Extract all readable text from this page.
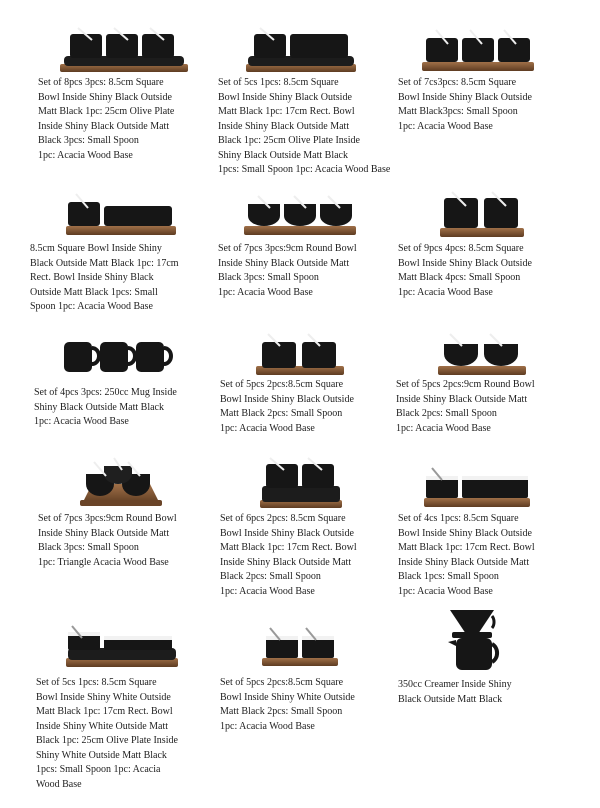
Set of 8pcs 3pcs: 8.5cm Square
Bowl Inside Shiny Black Outside
Matt Black 1pc: 25cm Olive Plate
Inside Shiny Black Outside Matt
Black 3pcs: Small Spoon
1pc: Acacia Wood Base
Set of 5cs 1pcs: 8.5cm Square
Bowl Inside Shiny Black Outside
Matt Black 1pc: 17cm Rect. Bowl
Inside Shiny Black Outside Matt
Black 1pc: 25cm Olive Plate Inside
Shiny Black Outside Matt Black
1pcs: Small Spoon 1pc: Acacia Wood Base
Set of 7cs3pcs: 8.5cm Square
Bowl Inside Shiny Black Outside
Matt Black3pcs: Small Spoon
1pc: Acacia Wood Base
8.5cm Square Bowl Inside Shiny
Black Outside Matt Black 1pc: 17cm
Rect. Bowl Inside Shiny Black
Outside Matt Black 1pcs: Small
Spoon 1pc: Acacia Wood Base
Set of 7pcs 3pcs:9cm Round Bowl
Inside Shiny Black Outside Matt
Black 3pcs: Small Spoon
1pc: Acacia Wood Base
Set of 9pcs 4pcs: 8.5cm Square
Bowl Inside Shiny Black Outside
Matt Black 4pcs: Small Spoon
1pc: Acacia Wood Base
Set of 4pcs 3pcs: 250cc Mug Inside
Shiny Black Outside Matt Black
1pc: Acacia Wood Base
Set of 5pcs 2pcs:8.5cm Square
Bowl Inside Shiny Black Outside
Matt Black 2pcs: Small Spoon
1pc: Acacia Wood Base
Set of 5pcs 2pcs:9cm Round Bowl
Inside Shiny Black Outside Matt
Black 2pcs: Small Spoon
1pc: Acacia Wood Base
Set of 7pcs 3pcs:9cm Round Bowl
Inside Shiny Black Outside Matt
Black 3pcs: Small Spoon
1pc: Triangle Acacia Wood Base
Set of 6pcs 2pcs: 8.5cm Square
Bowl Inside Shiny Black Outside
Matt Black 1pc: 17cm Rect. Bowl
Inside Shiny Black Outside Matt
Black 2pcs: Small Spoon
1pc: Acacia Wood Base
Set of 4cs 1pcs: 8.5cm Square
Bowl Inside Shiny Black Outside
Matt Black 1pc: 17cm Rect. Bowl
Inside Shiny Black Outside Matt
Black 1pcs: Small Spoon
1pc: Acacia Wood Base
Set of 5cs 1pcs: 8.5cm Square
Bowl Inside Shiny White Outside
Matt Black 1pc: 17cm Rect. Bowl
Inside Shiny White Outside Matt
Black 1pc: 25cm Olive Plate Inside
Shiny White Outside Matt Black
1pcs: Small Spoon 1pc: Acacia
Wood Base
Set of 5pcs 2pcs:8.5cm Square
Bowl Inside Shiny White Outside
Matt Black 2pcs: Small Spoon
1pc: Acacia Wood Base
350cc Creamer Inside Shiny
Black Outside Matt Black
